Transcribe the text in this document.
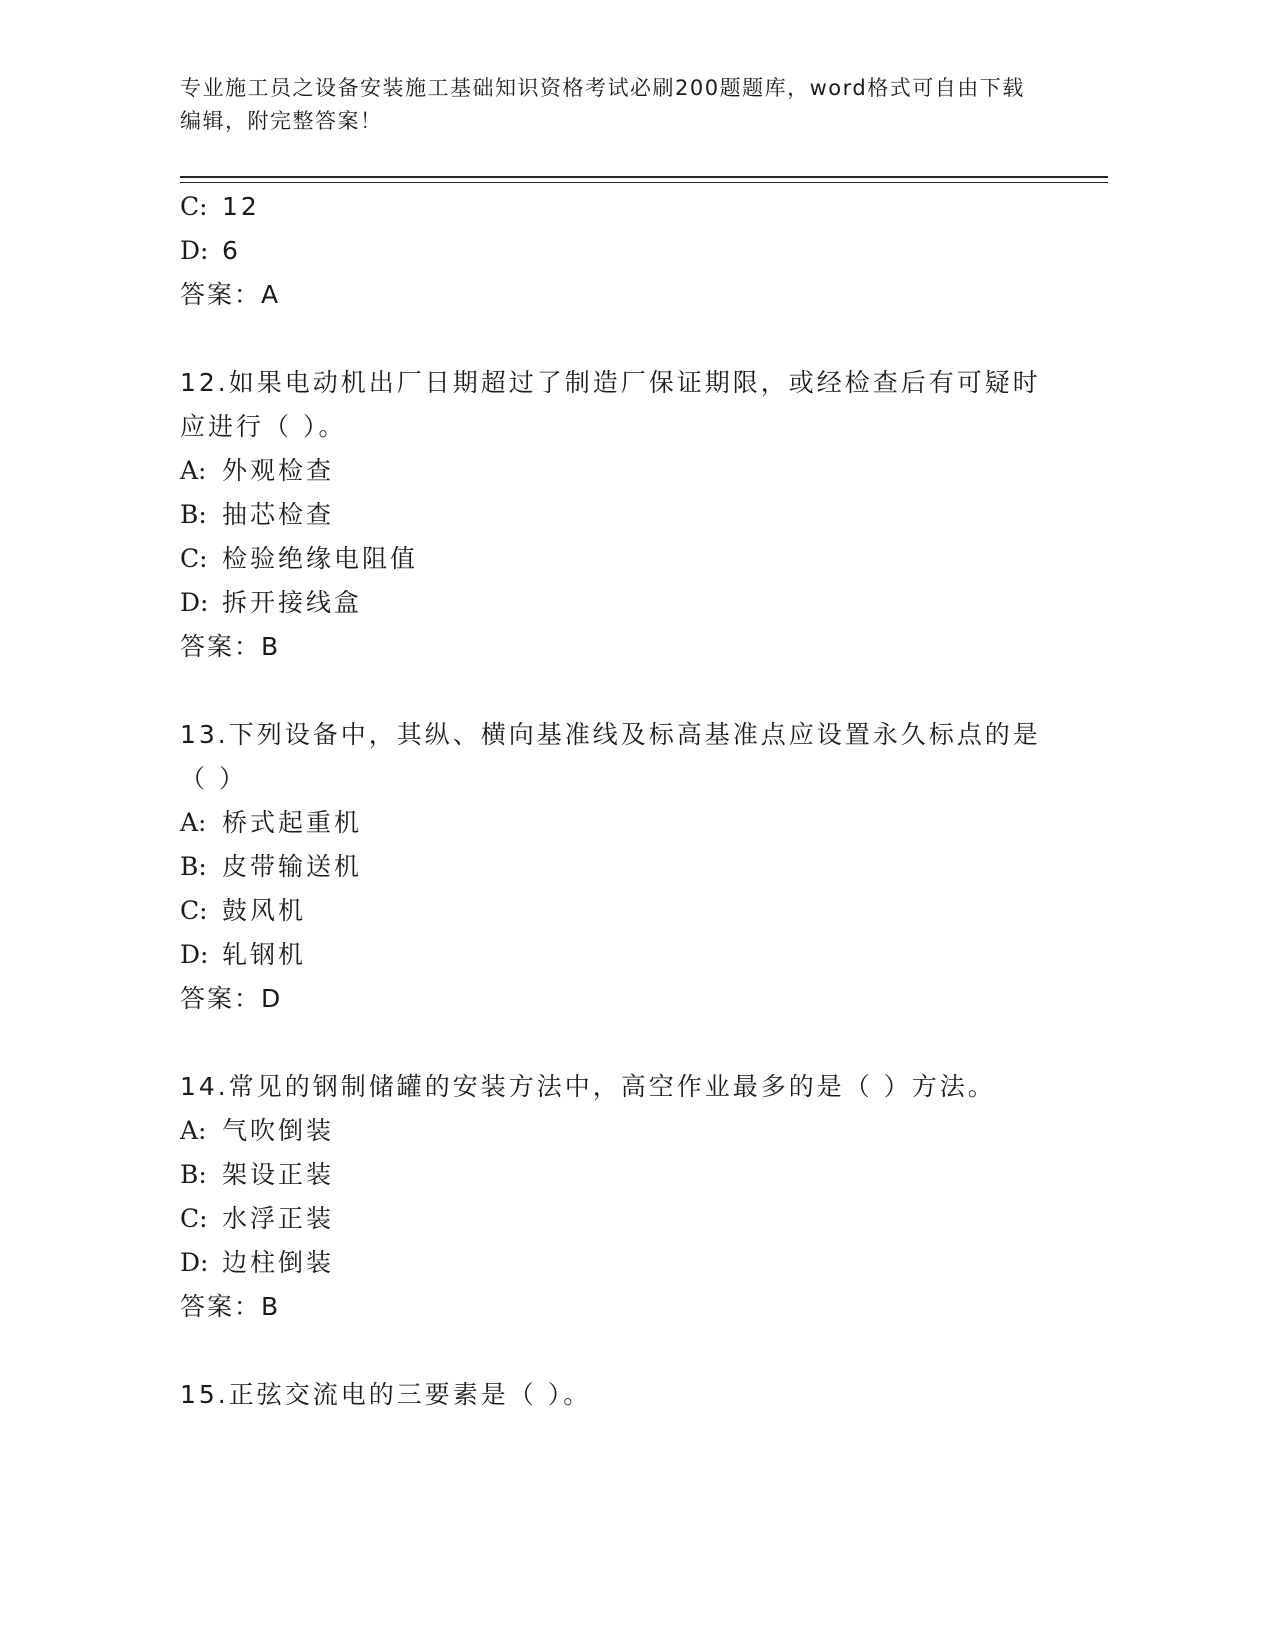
专业施工员之设备安装施工基础知识资格考试必刷200题题库，word格式可自由下载编辑，附完整答案！

C: 12

D: 6

答案：A

12.如果电动机出厂日期超过了制造厂保证期限，或经检查后有可疑时应进行（ ）。

A: 外观检查

B: 抽芯检查

C: 检验绝缘电阻值

D: 拆开接线盒

答案：B

13.下列设备中，其纵、横向基准线及标高基准点应设置永久标点的是（ ）

A: 桥式起重机

B: 皮带输送机

C: 鼓风机

D: 轧钢机

答案：D

14.常见的钢制储罐的安装方法中，高空作业最多的是（ ）方法。

A: 气吹倒装

B: 架设正装

C: 水浮正装

D: 边柱倒装

答案：B

15.正弦交流电的三要素是（ ）。
